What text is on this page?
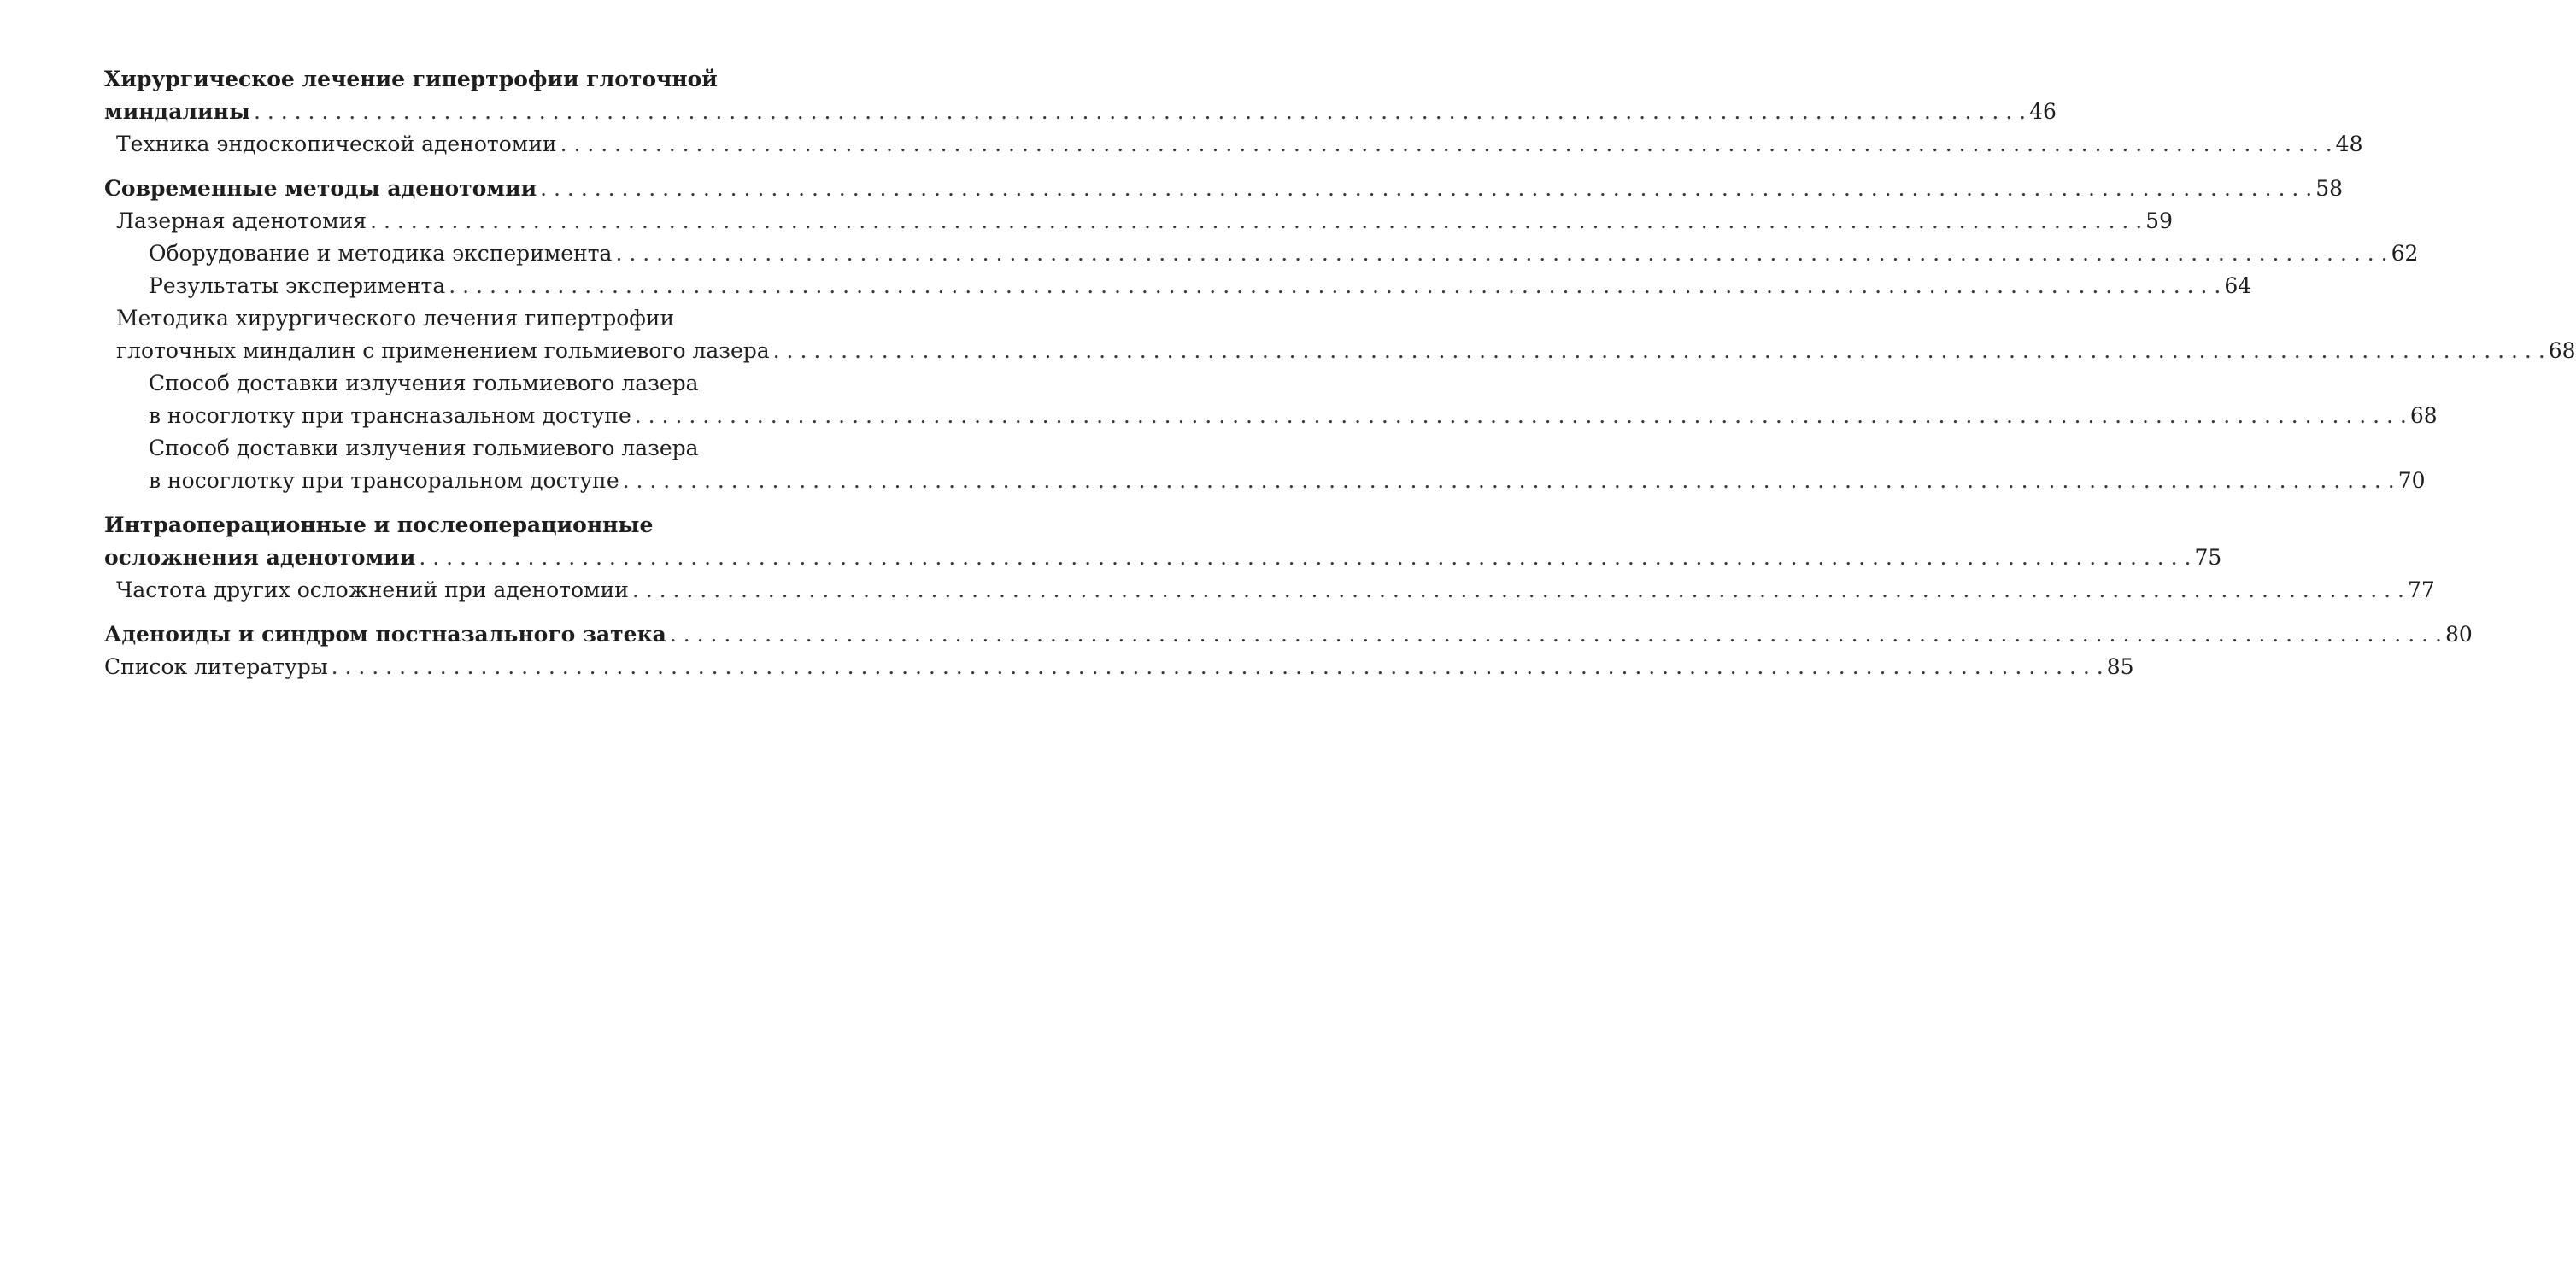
Хирургическое лечение гипертрофии глоточной
миндалины . . .	46
Техника эндоскопической аденотомии . . .	48
Современные методы аденотомии . . .	58
Лазерная аденотомия . . .	59
Оборудование и методика эксперимента . . .	62
Результаты эксперимента . . .	64
Методика хирургического лечения гипертрофии
глоточных миндалин с применением гольмиевого лазера . . .	68
Способ доставки излучения гольмиевого лазера
в носоглотку при трансназальном доступе . . .	68
Способ доставки излучения гольмиевого лазера
в носоглотку при трансоральном доступе . . .	70
Интраоперационные и послеоперационные
осложнения аденотомии . . .	75
Частота других осложнений при аденотомии . . .	77
Аденоиды и синдром постназального затека . . .	80
Список литературы . . .	85
